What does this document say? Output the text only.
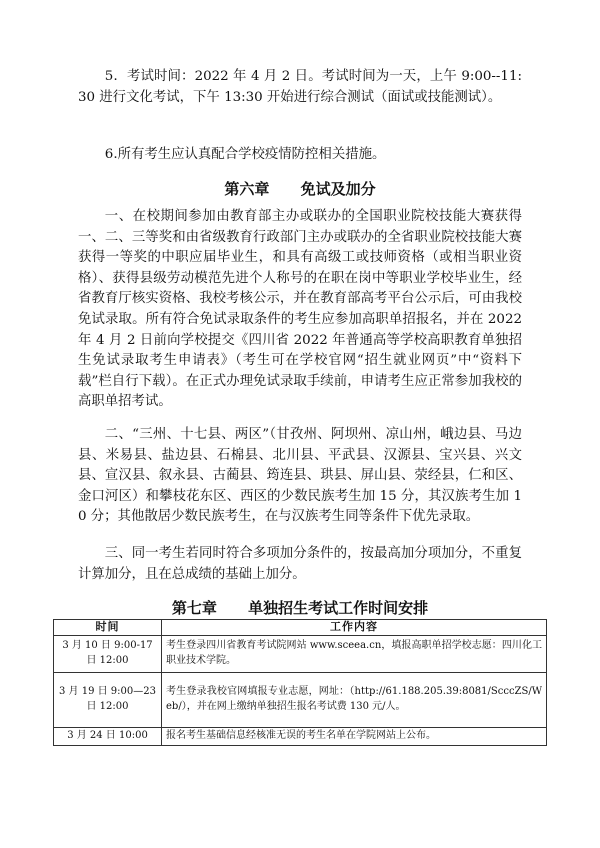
5．考试时间：2022 年 4 月 2 日。考试时间为一天，上午 9:00--11:30 进行文化考试，下午 13:30 开始进行综合测试（面试或技能测试）。

6.所有考生应认真配合学校疫情防控相关措施。

第六章      免试及加分

一、在校期间参加由教育部主办或联办的全国职业院校技能大赛获得一、二、三等奖和由省级教育行政部门主办或联办的全省职业院校技能大赛获得一等奖的中职应届毕业生，和具有高级工或技师资格（或相当职业资格）、获得县级劳动模范先进个人称号的在职在岗中等职业学校毕业生，经省教育厅核实资格、我校考核公示，并在教育部高考平台公示后，可由我校免试录取。所有符合免试录取条件的考生应参加高职单招报名，并在 2022 年 4 月 2 日前向学校提交《四川省 2022 年普通高等学校高职教育单独招生免试录取考生申请表》（考生可在学校官网“招生就业网页”中“资料下载”栏自行下载）。在正式办理免试录取手续前，申请考生应正常参加我校的高职单招考试。

二、“三州、十七县、两区”（甘孜州、阿坝州、凉山州，峨边县、马边县、米易县、盐边县、石棉县、北川县、平武县、汉源县、宝兴县、兴文县、宣汉县、叙永县、古蔺县、筠连县、珙县、屏山县、荥经县，仁和区、金口河区）和攀枝花东区、西区的少数民族考生加 15 分，其汉族考生加 10 分；其他散居少数民族考生，在与汉族考生同等条件下优先录取。

三、同一考生若同时符合多项加分条件的，按最高加分项加分，不重复计算加分，且在总成绩的基础上加分。

第七章      单独招生考试工作时间安排
时间	工作内容
3 月 10 日 9:00-17 日 12:00	考生登录四川省教育考试院网站 www.sceea.cn，填报高职单招学校志愿：四川化工职业技术学院。
3 月 19 日 9:00—23 日 12:00	考生登录我校官网填报专业志愿，网址：（http://61.188.205.39:8081/ScccZS/Web/），并在网上缴纳单独招生报名考试费 130 元/人。
3 月 24 日 10:00	报名考生基础信息经核准无误的考生名单在学院网站上公布。
